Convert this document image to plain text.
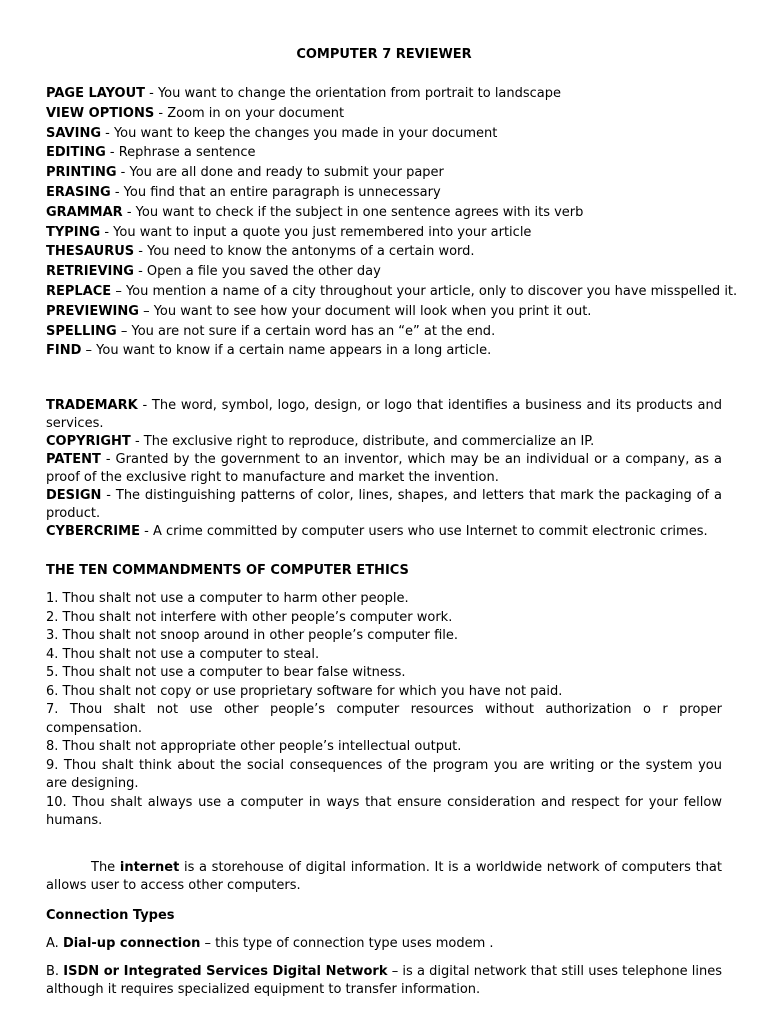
COMPUTER 7 REVIEWER

PAGE LAYOUT - You want to change the orientation from portrait to landscape
VIEW OPTIONS - Zoom in on your document
SAVING - You want to keep the changes you made in your document
EDITING - Rephrase a sentence
PRINTING - You are all done and ready to submit your paper
ERASING - You find that an entire paragraph is unnecessary
GRAMMAR - You want to check if the subject in one sentence agrees with its verb
TYPING - You want to input a quote you just remembered into your article
THESAURUS - You need to know the antonyms of a certain word.
RETRIEVING - Open a file you saved the other day
REPLACE – You mention a name of a city throughout your article, only to discover you have misspelled it.
PREVIEWING – You want to see how your document will look when you print it out.
SPELLING – You are not sure if a certain word has an “e” at the end.
FIND – You want to know if a certain name appears in a long article.
TRADEMARK - The word, symbol, logo, design, or logo that identifies a business and its products and services.
COPYRIGHT - The exclusive right to reproduce, distribute, and commercialize an IP.
PATENT - Granted by the government to an inventor, which may be an individual or a company, as a proof of the exclusive right to manufacture and market the invention.
DESIGN - The distinguishing patterns of color, lines, shapes, and letters that mark the packaging of a product.
CYBERCRIME - A crime committed by computer users who use Internet to commit electronic crimes.
THE TEN COMMANDMENTS OF COMPUTER ETHICS
1. Thou shalt not use a computer to harm other people.
2. Thou shalt not interfere with other people’s computer work.
3. Thou shalt not snoop around in other people’s computer file.
4. Thou shalt not use a computer to steal.
5. Thou shalt not use a computer to bear false witness.
6. Thou shalt not copy or use proprietary software for which you have not paid.
7. Thou shalt not use other people’s computer resources without authorization o r proper compensation.
8. Thou shalt not appropriate other people’s intellectual output.
9. Thou shalt think about the social consequences of the program you are writing or the system you are designing.
10. Thou shalt always use a computer in ways that ensure consideration and respect for your fellow humans.
The internet is a storehouse of digital information. It is a worldwide network of computers that allows user to access other computers.
Connection Types
A. Dial-up connection – this type of connection type uses modem .
B. ISDN or Integrated Services Digital Network – is a digital network that still uses telephone lines although it requires specialized equipment to transfer information.
